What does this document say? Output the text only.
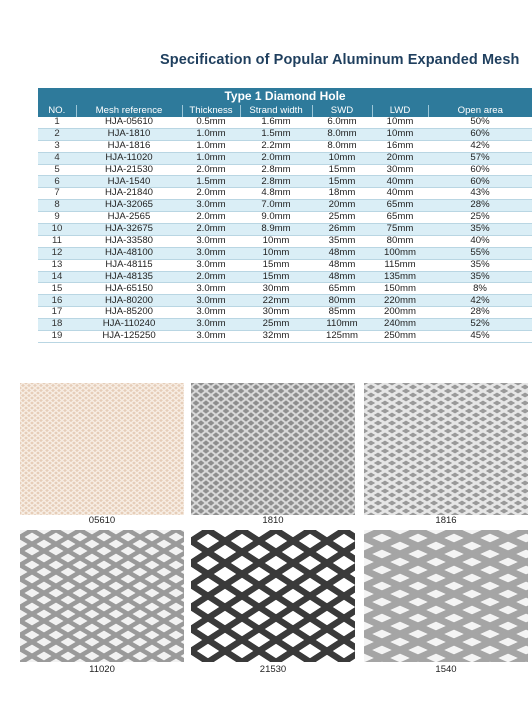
Specification of Popular Aluminum Expanded Mesh
Type 1 Diamond Hole						
NO.	Mesh reference	Thickness	Strand width	SWD	LWD	Open area
1	HJA-05610	0.5mm	1.6mm	6.0mm	10mm	50%
2	HJA-1810	1.0mm	1.5mm	8.0mm	10mm	60%
3	HJA-1816	1.0mm	2.2mm	8.0mm	16mm	42%
4	HJA-11020	1.0mm	2.0mm	10mm	20mm	57%
5	HJA-21530	2.0mm	2.8mm	15mm	30mm	60%
6	HJA-1540	1.5mm	2.8mm	15mm	40mm	60%
7	HJA-21840	2.0mm	4.8mm	18mm	40mm	43%
8	HJA-32065	3.0mm	7.0mm	20mm	65mm	28%
9	HJA-2565	2.0mm	9.0mm	25mm	65mm	25%
10	HJA-32675	2.0mm	8.9mm	26mm	75mm	35%
11	HJA-33580	3.0mm	10mm	35mm	80mm	40%
12	HJA-48100	3.0mm	10mm	48mm	100mm	55%
13	HJA-48115	3.0mm	15mm	48mm	115mm	35%
14	HJA-48135	2.0mm	15mm	48mm	135mm	35%
15	HJA-65150	3.0mm	30mm	65mm	150mm	8%
16	HJA-80200	3.0mm	22mm	80mm	220mm	42%
17	HJA-85200	3.0mm	30mm	85mm	200mm	28%
18	HJA-110240	3.0mm	25mm	110mm	240mm	52%
19	HJA-125250	3.0mm	32mm	125mm	250mm	45%
05610	1810	1816
11020	21530	1540
